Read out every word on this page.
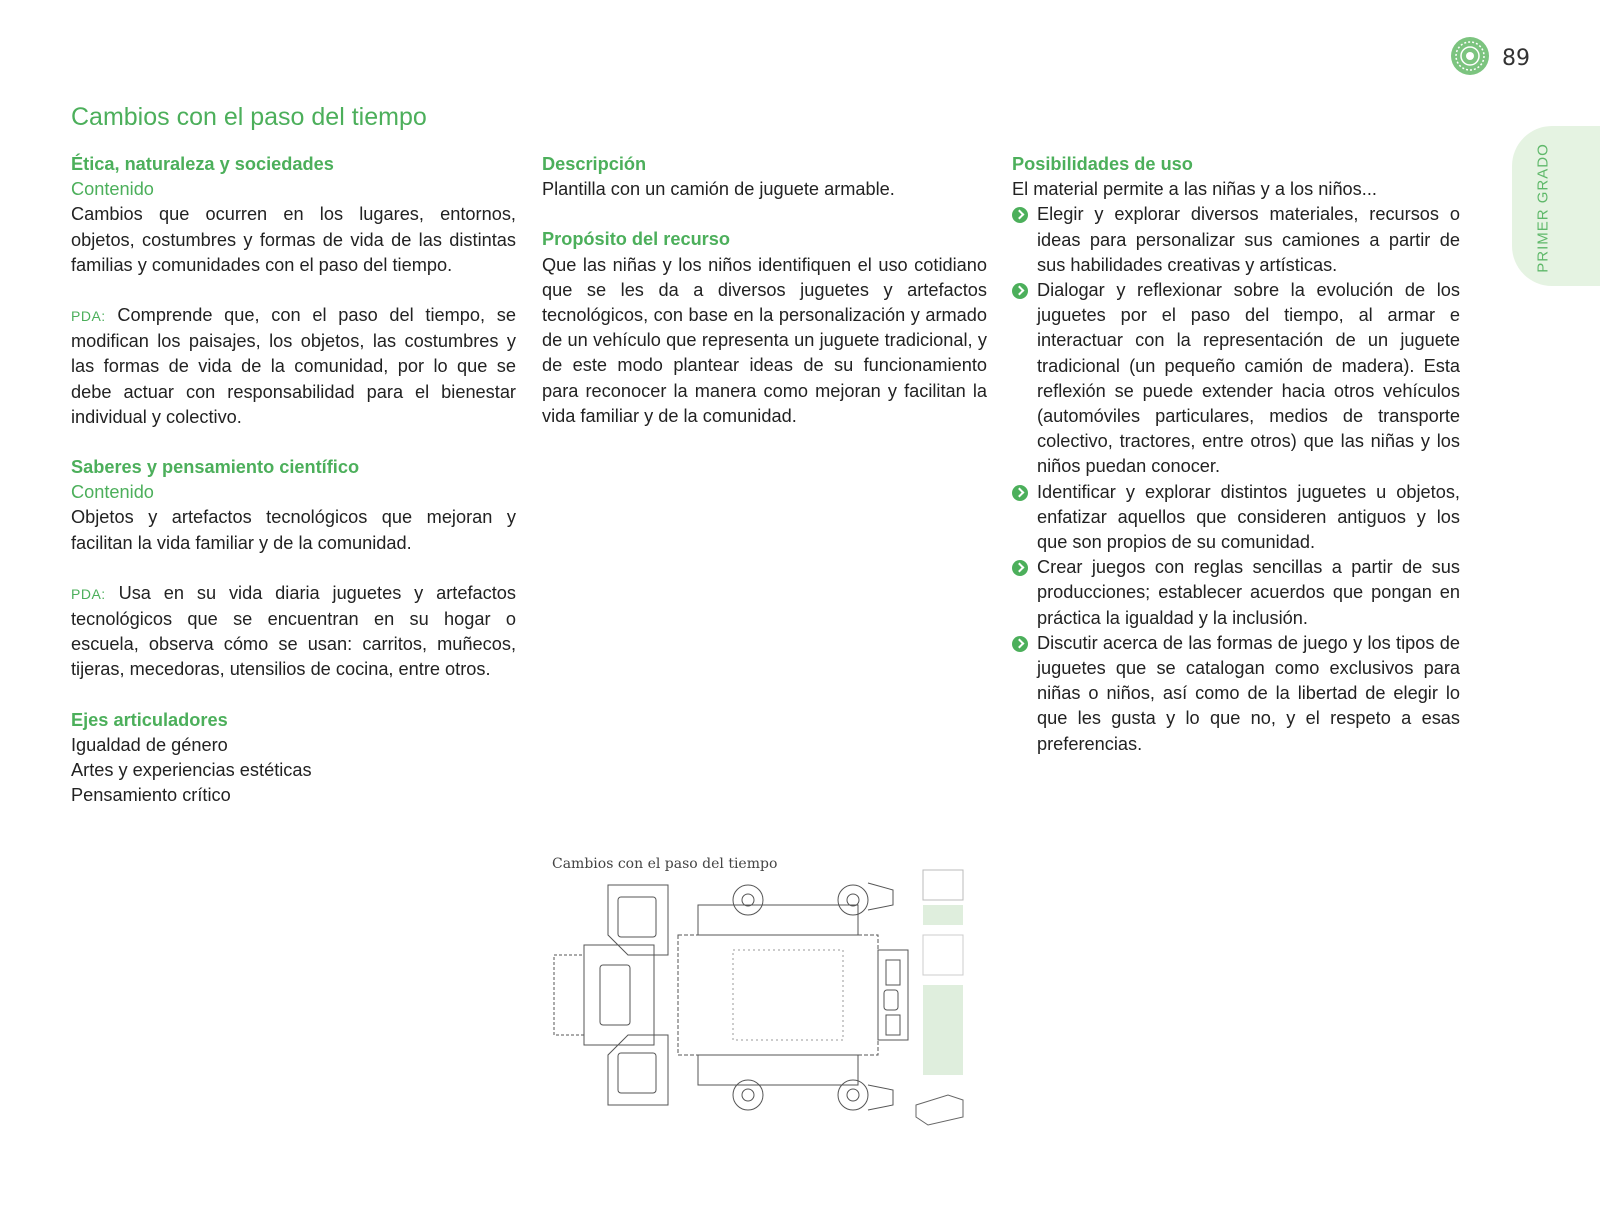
89
PRIMER GRADO
Cambios con el paso del tiempo

Ética, naturaleza y sociedades

Contenido

Cambios que ocurren en los lugares, entornos, objetos, costumbres y formas de vida de las distintas familias y comunidades con el paso del tiempo.

PDA: Comprende que, con el paso del tiempo, se modifican los paisajes, los objetos, las costumbres y las formas de vida de la comunidad, por lo que se debe actuar con responsabilidad para el bienestar individual y colectivo.

Saberes y pensamiento científico

Contenido

Objetos y artefactos tecnológicos que mejoran y facilitan la vida familiar y de la comunidad.

PDA: Usa en su vida diaria juguetes y artefactos tecnológicos que se encuentran en su hogar o escuela, observa cómo se usan: carritos, muñecos, tijeras, mecedoras, utensilios de cocina, entre otros.

Ejes articuladores

Igualdad de género

Artes y experiencias estéticas

Pensamiento crítico

Descripción

Plantilla con un camión de juguete armable.

Propósito del recurso

Que las niñas y los niños identifiquen el uso cotidiano que se les da a diversos juguetes y artefactos tecnológicos, con base en la personalización y armado de un vehículo que representa un juguete tradicional, y de este modo plantear ideas de su funcionamiento para reconocer la manera como mejoran y facilitan la vida familiar y de la comunidad.

Posibilidades de uso

El material permite a las niñas y a los niños...

Elegir y explorar diversos materiales, recursos o ideas para personalizar sus camiones a partir de sus habilidades creativas y artísticas.
Dialogar y reflexionar sobre la evolución de los juguetes por el paso del tiempo, al armar e interactuar con la representación de un juguete tradicional (un pequeño camión de madera). Esta reflexión se puede extender hacia otros vehículos (automóviles particulares, medios de transporte colectivo, tractores, entre otros) que las niñas y los niños puedan conocer.
Identificar y explorar distintos juguetes u objetos, enfatizar aquellos que consideren antiguos y los que son propios de su comunidad.
Crear juegos con reglas sencillas a partir de sus producciones; establecer acuerdos que pongan en práctica la igualdad y la inclusión.
Discutir acerca de las formas de juego y los tipos de juguetes que se catalogan como exclusivos para niñas o niños, así como de la libertad de elegir lo que les gusta y lo que no, y el respeto a esas preferencias.
Cambios con el paso del tiempo
